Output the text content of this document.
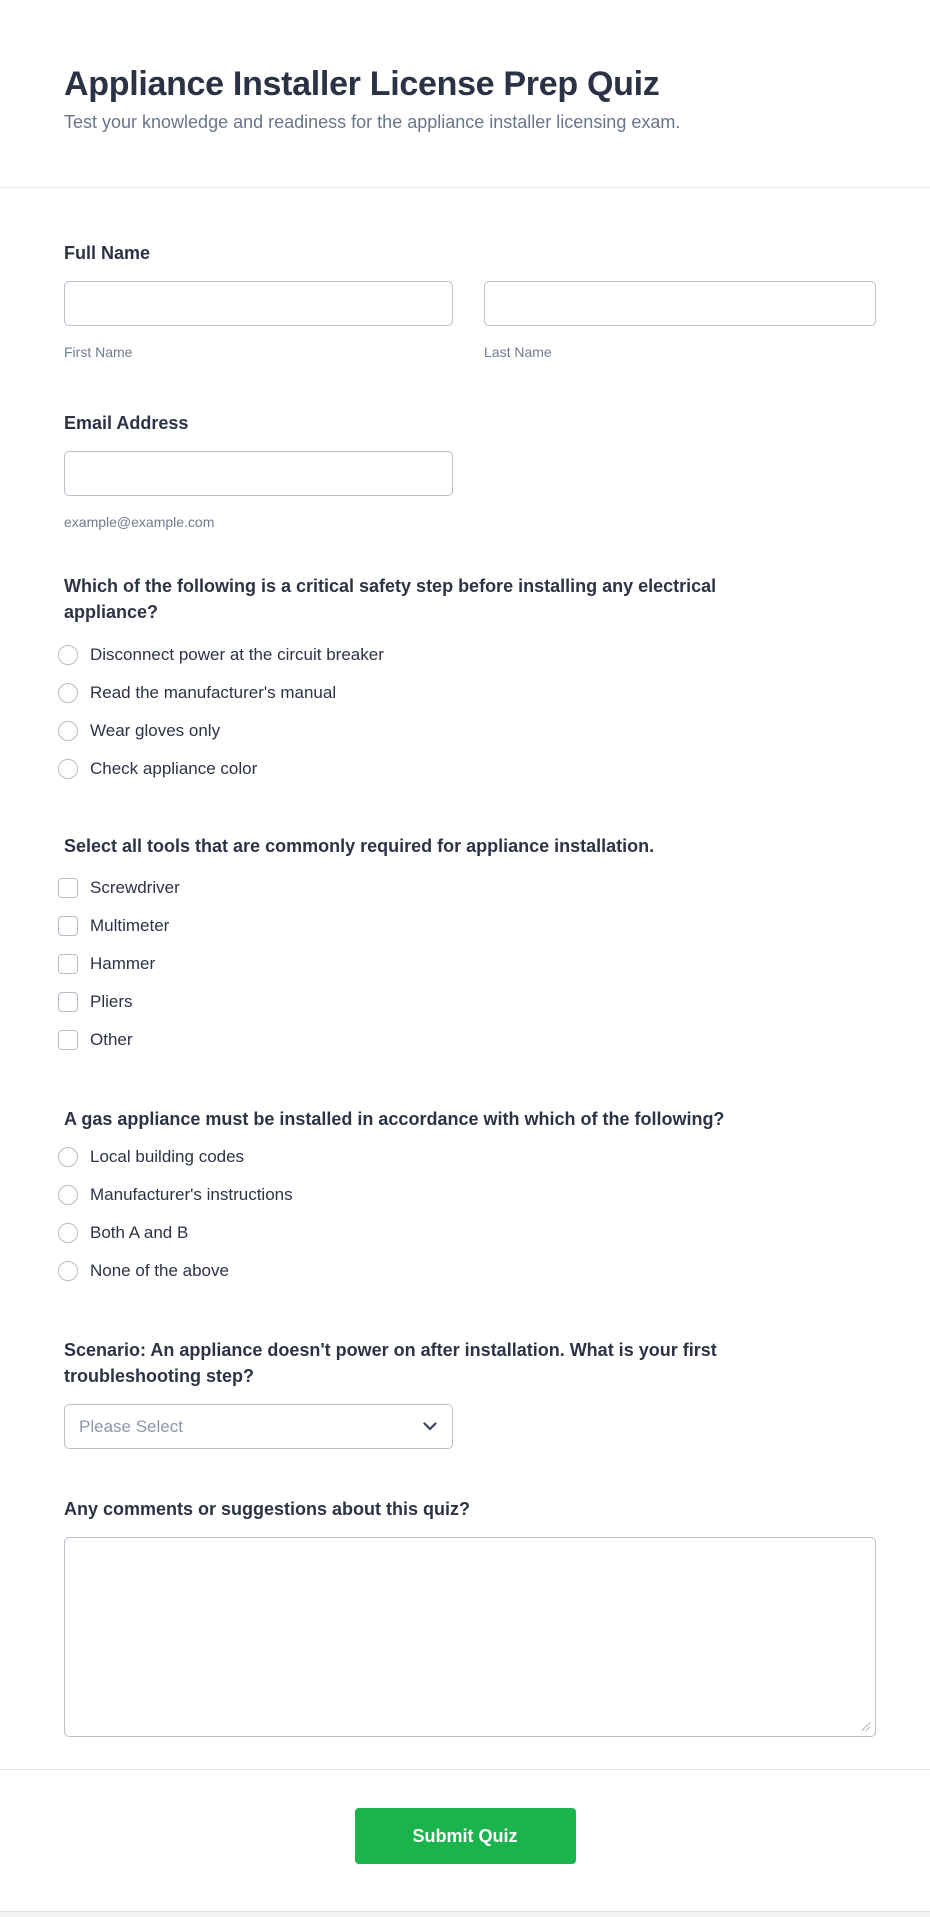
Appliance Installer License Prep Quiz
Test your knowledge and readiness for the appliance installer licensing exam.
Full Name
First Name	Last Name
Email Address
example@example.com
Which of the following is a critical safety step before installing any electrical appliance?
Disconnect power at the circuit breaker
Read the manufacturer's manual
Wear gloves only
Check appliance color
Select all tools that are commonly required for appliance installation.
Screwdriver
Multimeter
Hammer
Pliers
Other
A gas appliance must be installed in accordance with which of the following?
Local building codes
Manufacturer's instructions
Both A and B
None of the above
Scenario: An appliance doesn't power on after installation. What is your first troubleshooting step?
Please Select
Any comments or suggestions about this quiz?
Submit Quiz
